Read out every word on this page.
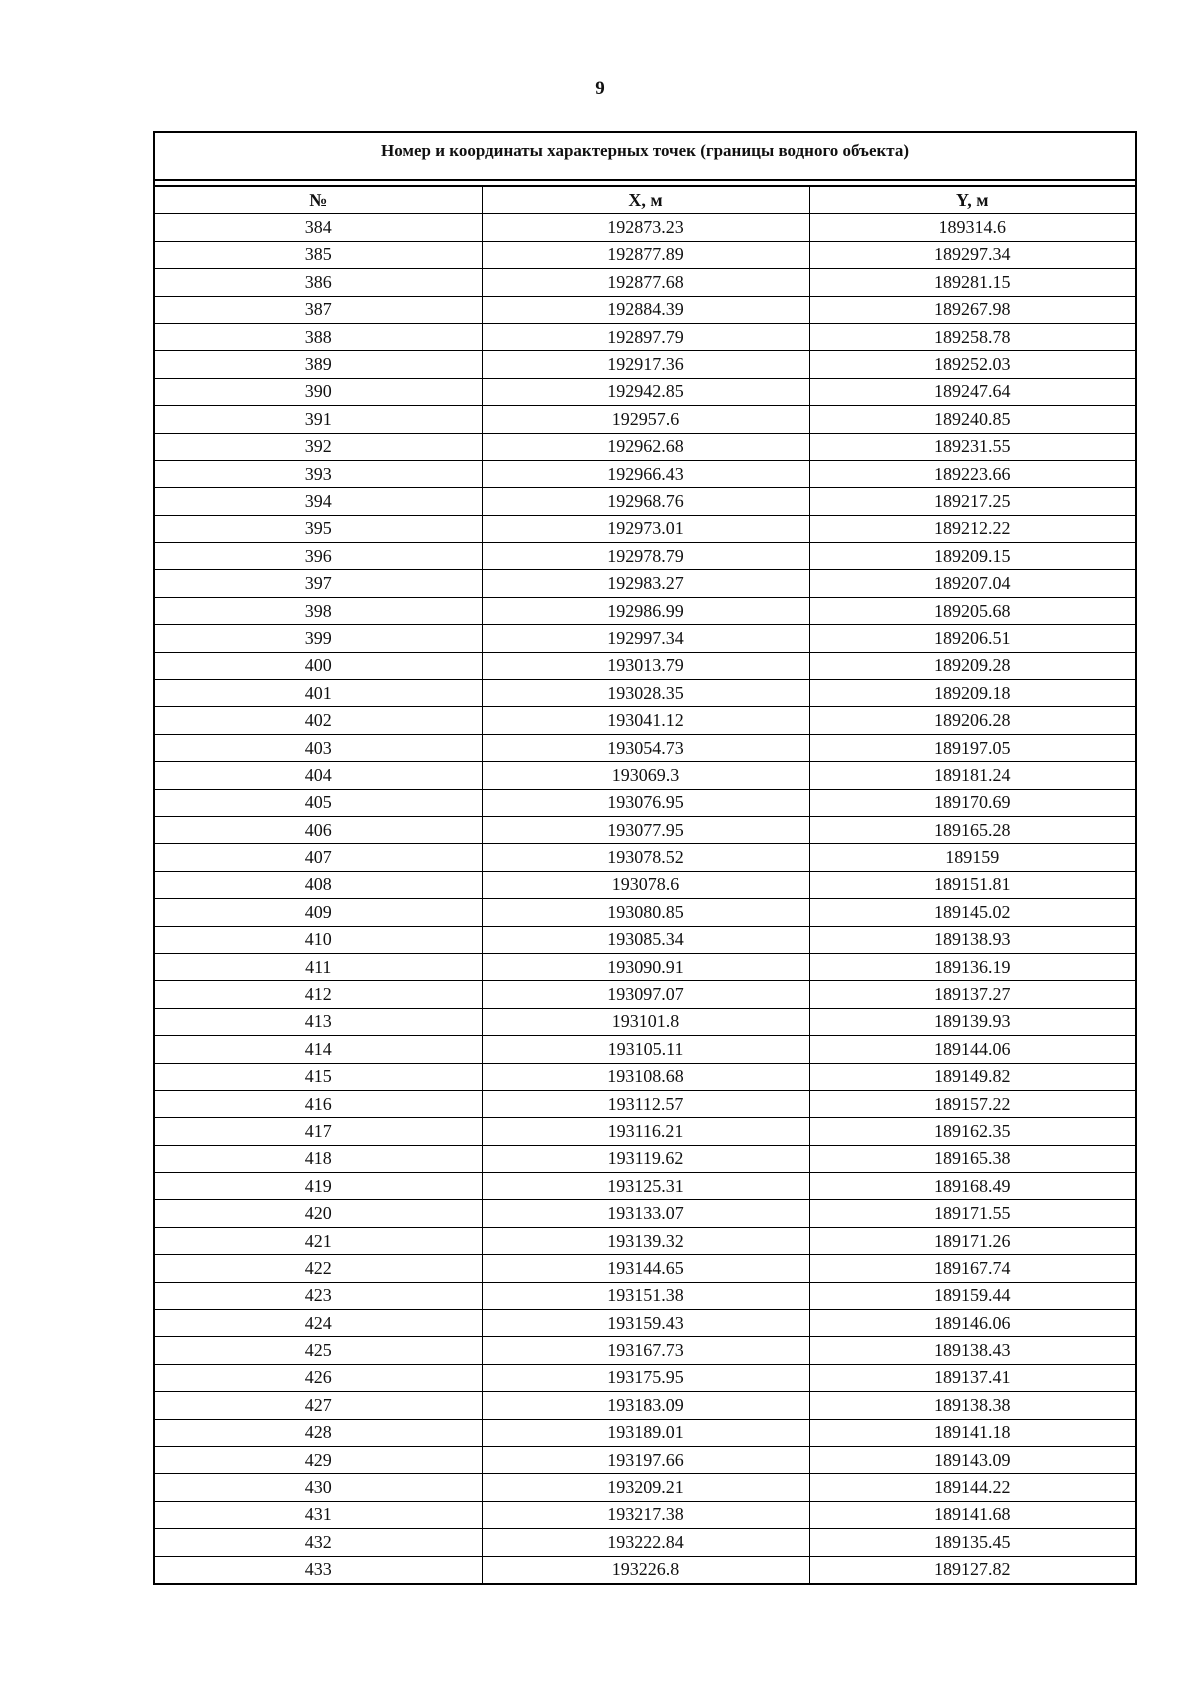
9
Номер и координаты характерных точек (границы водного объекта)
№	X, м	Y, м
384	192873.23	189314.6
385	192877.89	189297.34
386	192877.68	189281.15
387	192884.39	189267.98
388	192897.79	189258.78
389	192917.36	189252.03
390	192942.85	189247.64
391	192957.6	189240.85
392	192962.68	189231.55
393	192966.43	189223.66
394	192968.76	189217.25
395	192973.01	189212.22
396	192978.79	189209.15
397	192983.27	189207.04
398	192986.99	189205.68
399	192997.34	189206.51
400	193013.79	189209.28
401	193028.35	189209.18
402	193041.12	189206.28
403	193054.73	189197.05
404	193069.3	189181.24
405	193076.95	189170.69
406	193077.95	189165.28
407	193078.52	189159
408	193078.6	189151.81
409	193080.85	189145.02
410	193085.34	189138.93
411	193090.91	189136.19
412	193097.07	189137.27
413	193101.8	189139.93
414	193105.11	189144.06
415	193108.68	189149.82
416	193112.57	189157.22
417	193116.21	189162.35
418	193119.62	189165.38
419	193125.31	189168.49
420	193133.07	189171.55
421	193139.32	189171.26
422	193144.65	189167.74
423	193151.38	189159.44
424	193159.43	189146.06
425	193167.73	189138.43
426	193175.95	189137.41
427	193183.09	189138.38
428	193189.01	189141.18
429	193197.66	189143.09
430	193209.21	189144.22
431	193217.38	189141.68
432	193222.84	189135.45
433	193226.8	189127.82
